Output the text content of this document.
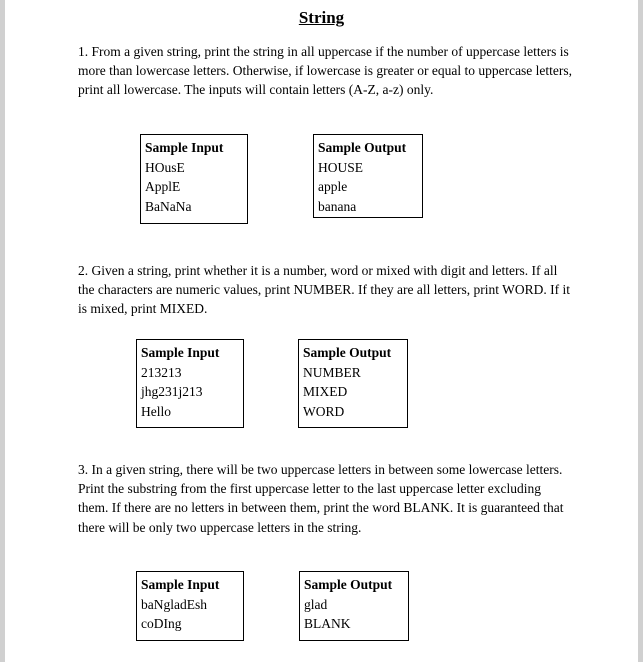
String

1. From a given string, print the string in all uppercase if the number of uppercase letters is more than lowercase letters. Otherwise, if lowercase is greater or equal to uppercase letters, print all lowercase. The inputs will contain letters (A-Z, a-z) only.

Sample Input
HOusE
ApplE
BaNaNa
Sample Output
HOUSE
apple
banana

2. Given a string, print whether it is a number, word or mixed with digit and letters. If all the characters are numeric values, print NUMBER. If they are all letters, print WORD. If it is mixed, print MIXED.

Sample Input
213213
jhg231j213
Hello
Sample Output
NUMBER
MIXED
WORD

3. In a given string, there will be two uppercase letters in between some lowercase letters. Print the substring from the first uppercase letter to the last uppercase letter excluding them. If there are no letters in between them, print the word BLANK. It is guaranteed that there will be only two uppercase letters in the string.

Sample Input
baNgladEsh
coDIng
Sample Output
glad
BLANK
